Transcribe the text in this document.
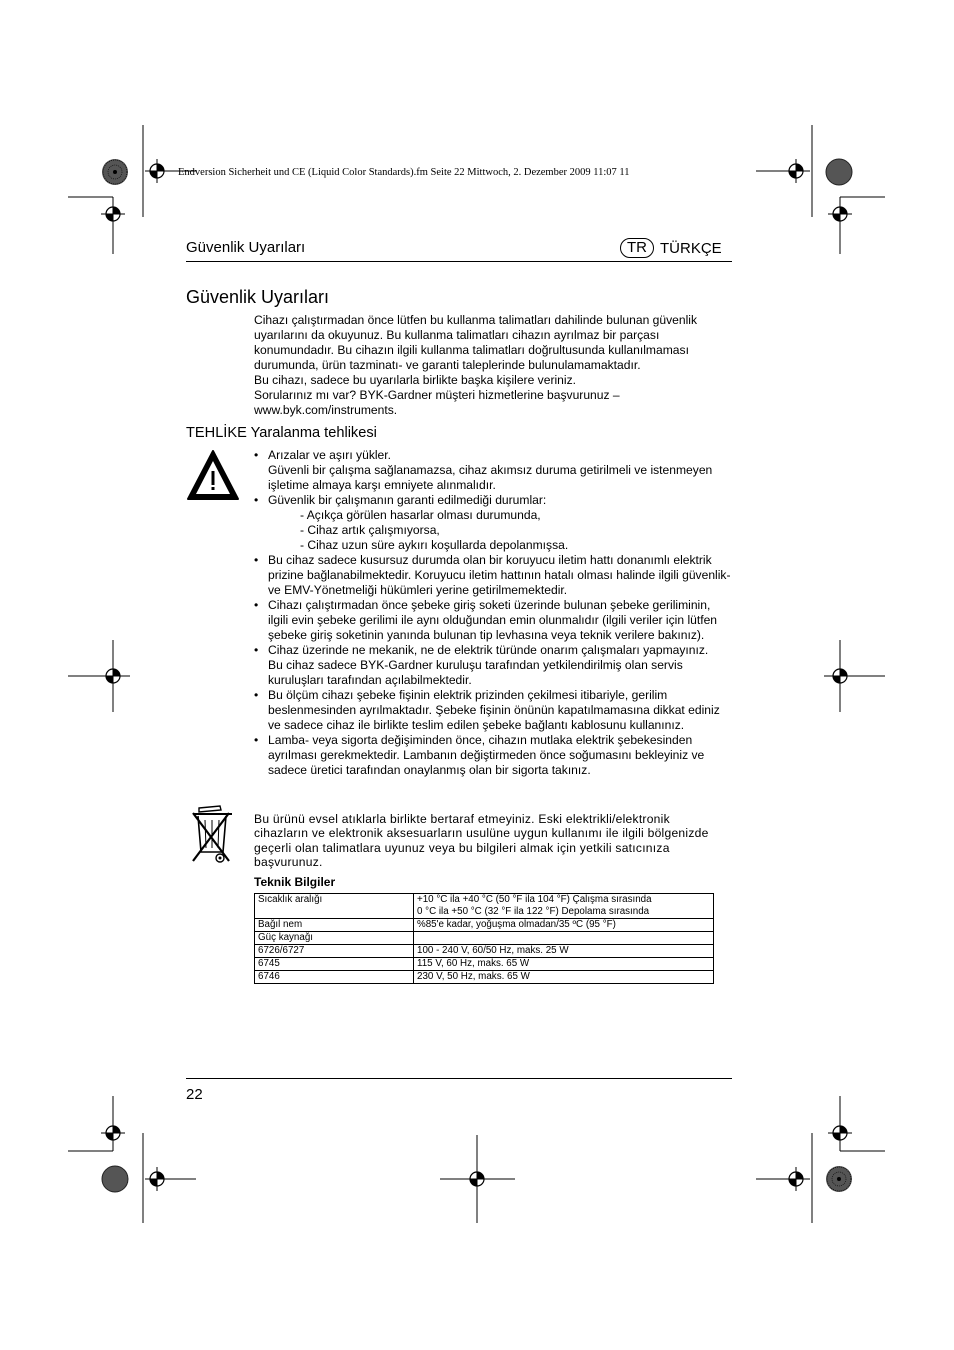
Endversion Sicherheit und CE (Liquid Color Standards).fm Seite 22 Mittwoch, 2. Dezember 2009 11:07 11
Güvenlik Uyarıları	TR TÜRKÇE
Güvenlik Uyarıları

Cihazı çalıştırmadan önce lütfen bu kullanma talimatları dahilinde bulunan güvenlik uyarılarını da okuyunuz. Bu kullanma talimatları cihazın ayrılmaz bir parçası konumundadır. Bu cihazın ilgili kullanma talimatları doğrultusunda kullanılmaması durumunda, ürün tazminatı- ve garanti taleplerinde bulunulamamaktadır.

Bu cihazı, sadece bu uyarılarla birlikte başka kişilere veriniz.

Sorularınız mı var? BYK-Gardner müşteri hizmetlerine başvurunuz – www.byk.com/instruments.

TEHLİKE Yaralanma tehlikesi
• Arızalar ve aşırı yükler.
Güvenli bir çalışma sağlanamazsa, cihaz akımsız duruma getirilmeli ve istenmeyen işletime almaya karşı emniyete alınmalıdır.
• Güvenlik bir çalışmanın garanti edilmediği durumlar:
- Açıkça görülen hasarlar olması durumunda,
- Cihaz artık çalışmıyorsa,
- Cihaz uzun süre aykırı koşullarda depolanmışsa.
• Bu cihaz sadece kusursuz durumda olan bir koruyucu iletim hattı donanımlı elektrik prizine bağlanabilmektedir. Koruyucu iletim hattının hatalı olması halinde ilgili güvenlik- ve EMV-Yönetmeliği hükümleri yerine getirilmemektedir.
• Cihazı çalıştırmadan önce şebeke giriş soketi üzerinde bulunan şebeke geriliminin, ilgili evin şebeke gerilimi ile aynı olduğundan emin olunmalıdır (ilgili veriler için lütfen şebeke giriş soketinin yanında bulunan tip levhasına veya teknik verilere bakınız).
• Cihaz üzerinde ne mekanik, ne de elektrik türünde onarım çalışmaları yapmayınız.
Bu cihaz sadece BYK-Gardner kuruluşu tarafından yetkilendirilmiş olan servis kuruluşları tarafından açılabilmektedir.
• Bu ölçüm cihazı şebeke fişinin elektrik prizinden çekilmesi itibariyle, gerilim beslenmesinden ayrılmaktadır. Şebeke fişinin önünün kapatılmamasına dikkat ediniz ve sadece cihaz ile birlikte teslim edilen şebeke bağlantı kablosunu kullanınız.
• Lamba- veya sigorta değişiminden önce, cihazın mutlaka elektrik şebekesinden ayrılması gerekmektedir. Lambanın değiştirmeden önce soğumasını bekleyiniz ve sadece üretici tarafından onaylanmış olan bir sigorta takınız.
Bu ürünü evsel atıklarla birlikte bertaraf etmeyiniz. Eski elektrikli/elektronik cihazların ve elektronik aksesuarların usulüne uygun kullanımı ile ilgili bölgenizde geçerli olan talimatlara uyunuz veya bu bilgileri almak için yetkili satıcınıza başvurunuz.
Teknik Bilgiler
Sıcaklık aralığı	+10 °C ila +40 °C (50 °F ila 104 °F) Çalışma sırasında
0 °C ila +50 °C (32 °F ila 122 °F) Depolama sırasında
Bağıl nem	%85'e kadar, yoğuşma olmadan/35 ºC (95 °F)
Güç kaynağı	
6726/6727	100 - 240 V, 60/50 Hz, maks. 25 W
6745	115 V, 60 Hz, maks. 65 W
6746	230 V, 50 Hz, maks. 65 W
22
